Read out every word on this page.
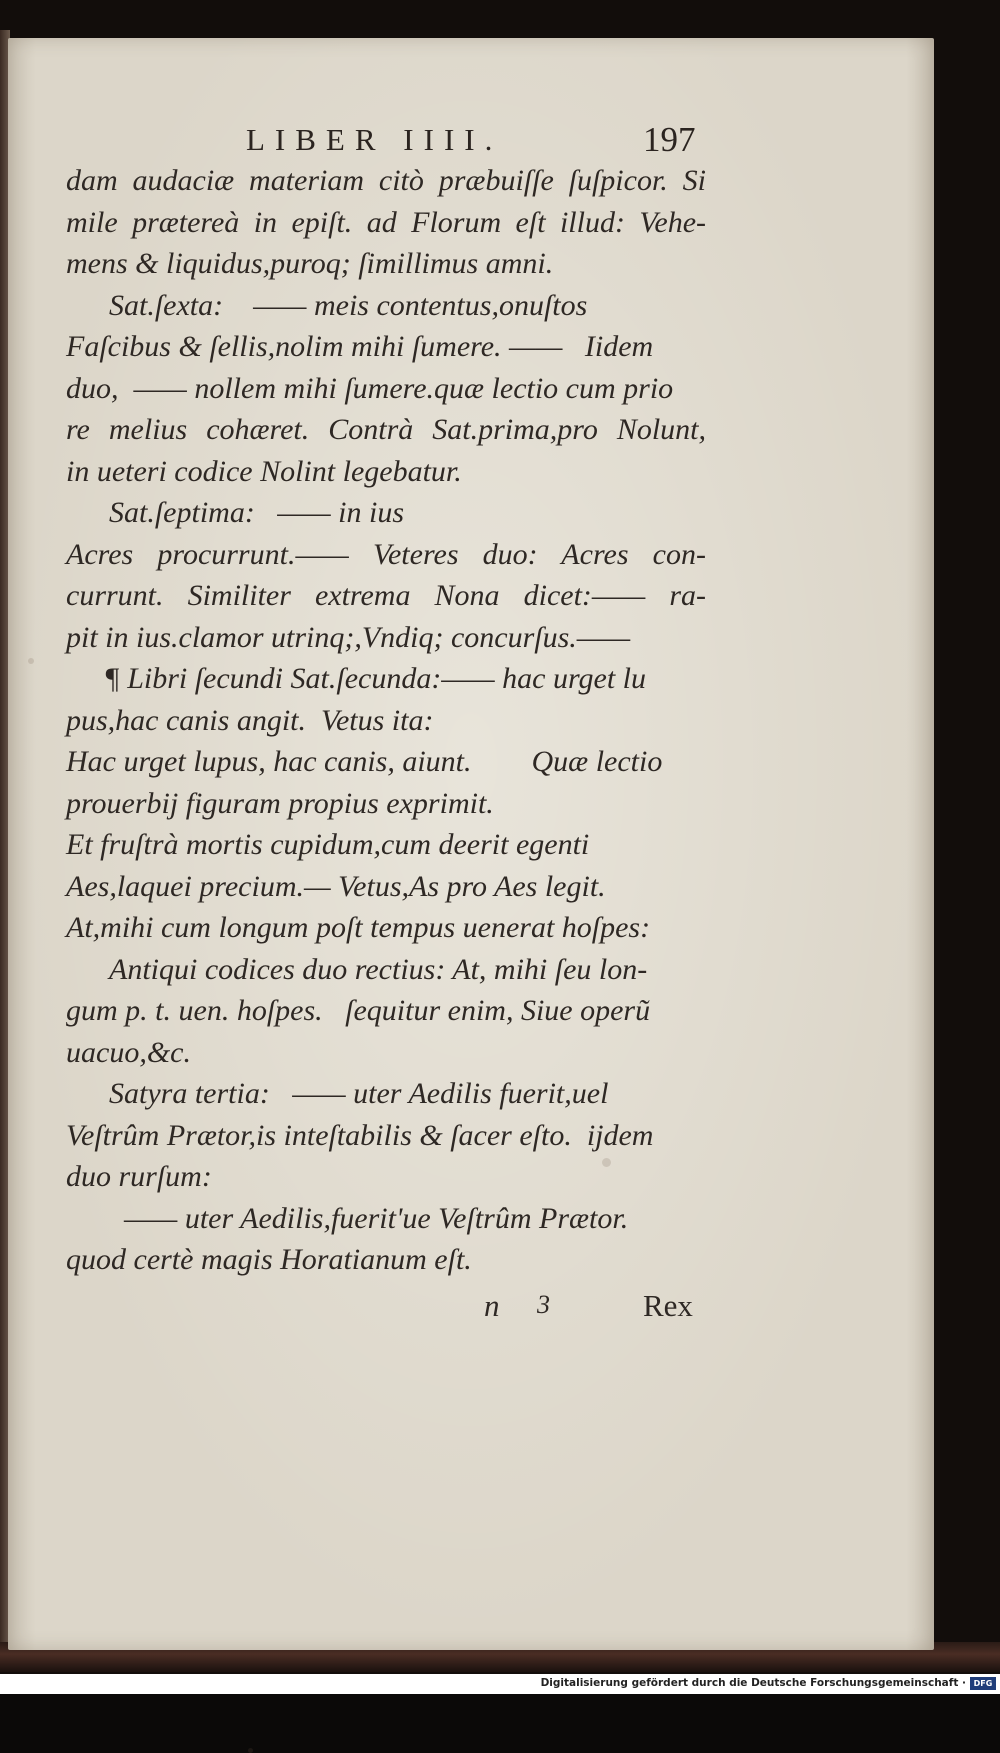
LIBER IIII.	197
dam audaciæ materiam citò præbuiſſe ſuſpicor. Si
mile prætereà in epiſt. ad Florum eſt illud: Vehe-
mens & liquidus,puroq; ſimillimus amni.
Sat.ſexta:    —— meis contentus,onuſtos
Faſcibus & ſellis,nolim mihi ſumere. ——   Iidem
duo,  —— nollem mihi ſumere.quæ lectio cum prio
re melius cohæret. Contrà Sat.prima,pro Nolunt,
in ueteri codice Nolint legebatur.
Sat.ſeptima:   —— in ius
Acres procurrunt.—— Veteres duo: Acres con-
currunt. Similiter extrema Nona dicet:—— ra-
pit in ius.clamor utrinq;,Vndiq; concurſus.——
¶ Libri ſecundi Sat.ſecunda:—— hac urget lu
pus,hac canis angit.  Vetus ita:
Hac urget lupus, hac canis, aiunt.        Quæ lectio
prouerbij figuram propius exprimit.
Et fruſtrà mortis cupidum,cum deerit egenti
Aes,laquei precium.— Vetus,As pro Aes legit.
At,mihi cum longum poſt tempus uenerat hoſpes:
Antiqui codices duo rectius: At, mihi ſeu lon-
gum p. t. uen. hoſpes.   ſequitur enim, Siue operũ
uacuo,&c.
Satyra tertia:   —— uter Aedilis fuerit,uel
Veſtrûm Prætor,is inteſtabilis & ſacer eſto.  ijdem
duo rurſum:
—— uter Aedilis,fuerit'ue Veſtrûm Prætor.
quod certè magis Horatianum eſt.
n 3	Rex
Digitalisierung gefördert durch die Deutsche Forschungsgemeinschaft · DFG
